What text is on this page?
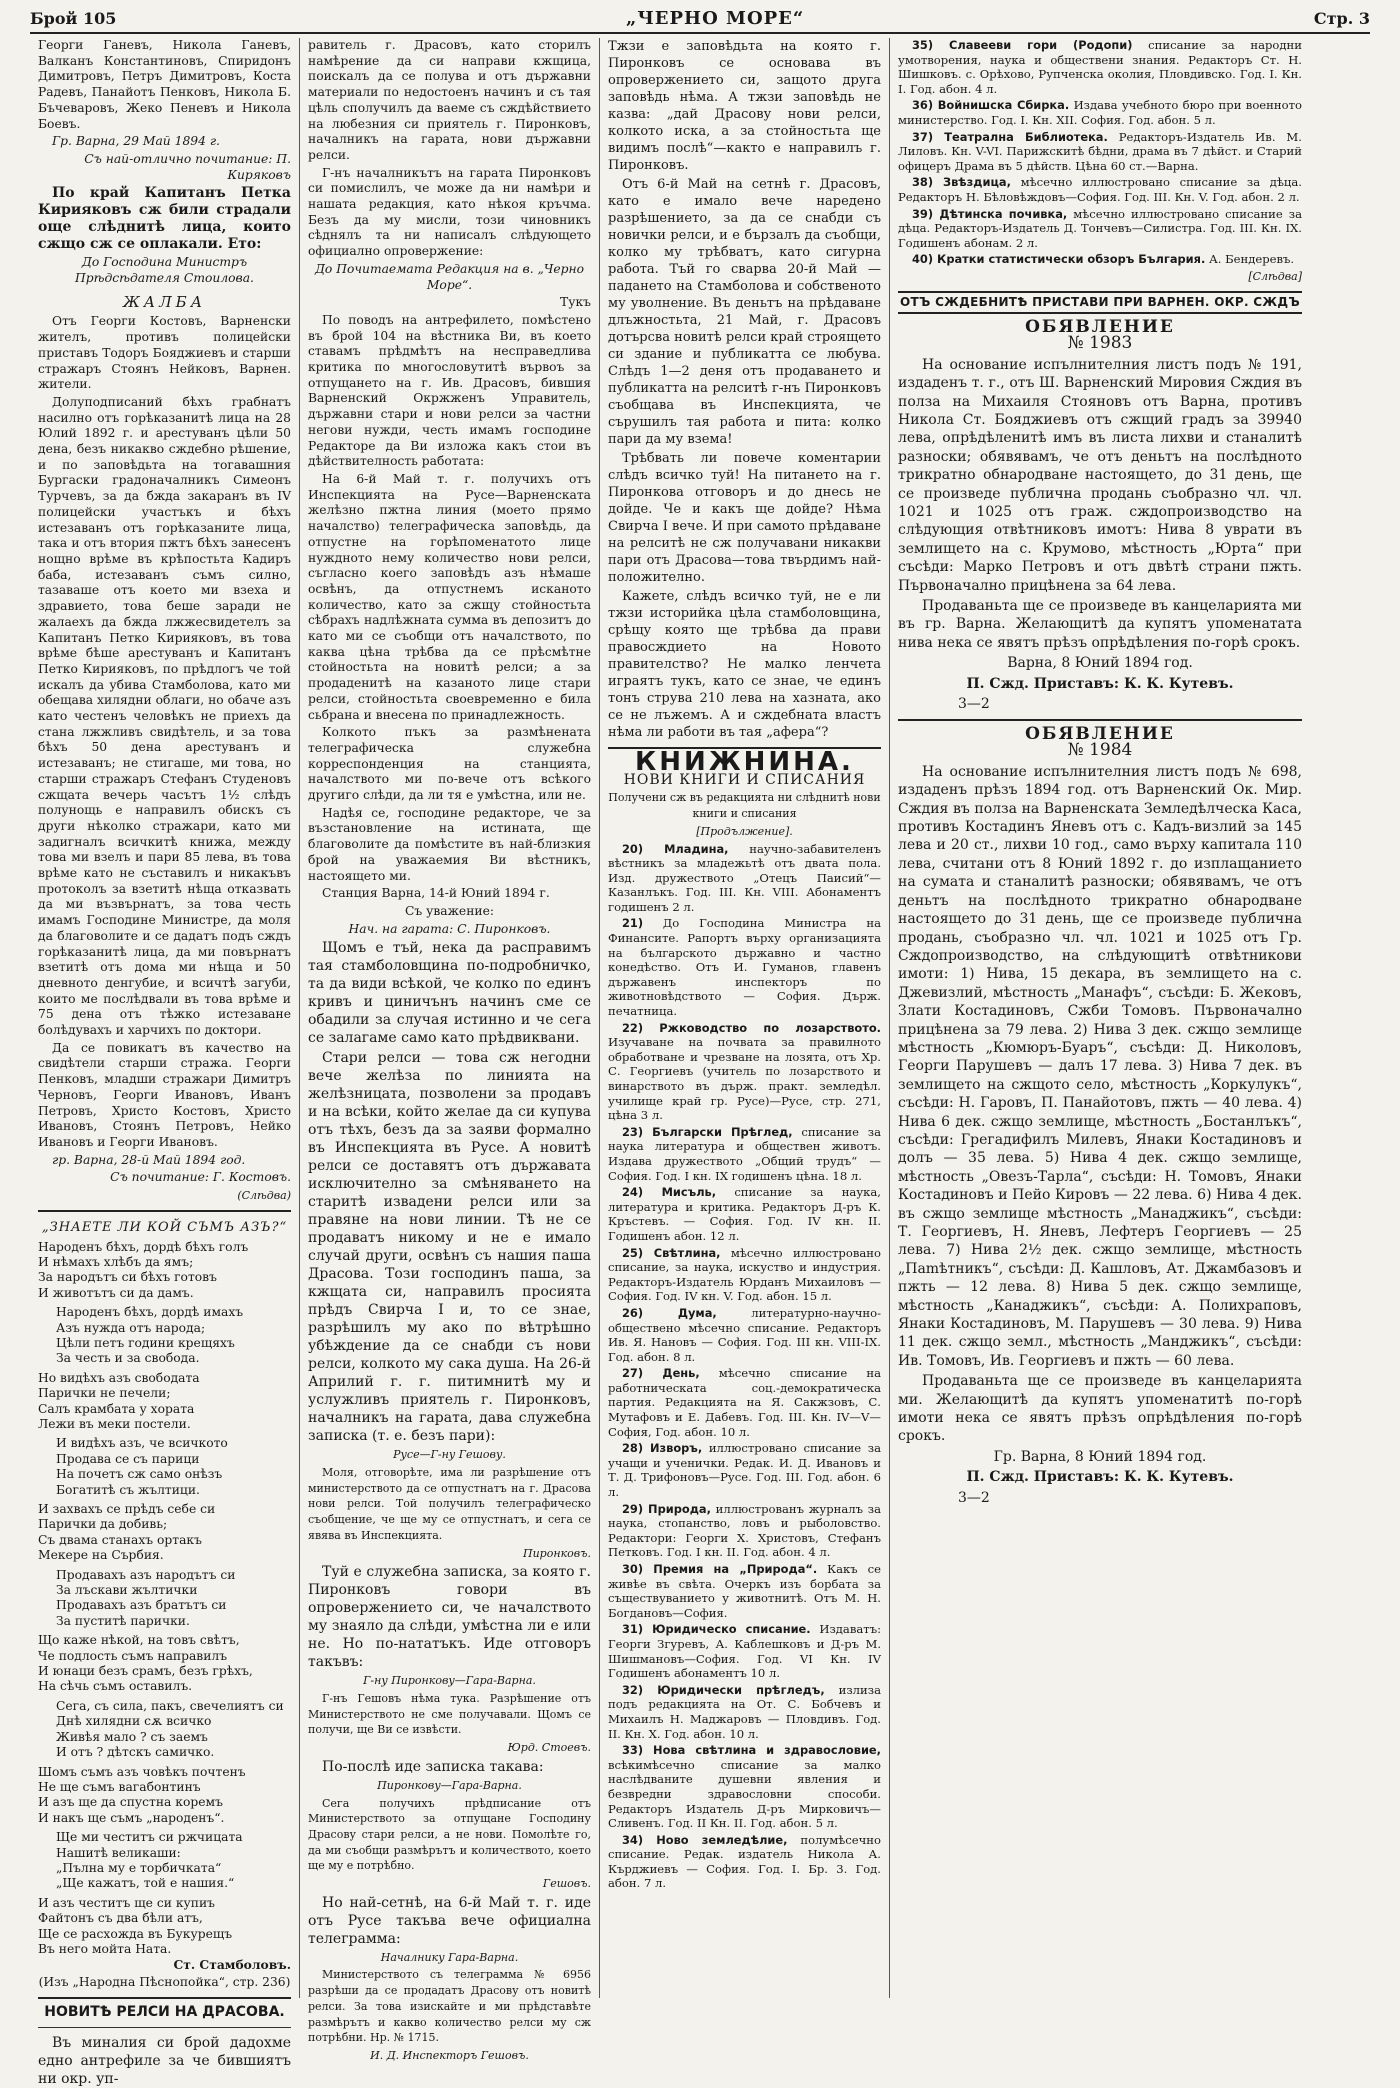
Брой 105	„ЧЕРНО МОРЕ“	Стр. 3

Георги Ганевъ, Никола Ганевъ, Валканъ Константиновъ, Спиридонъ Димитровъ, Петръ Димитровъ, Коста Радевъ, Панайотъ Пенковъ, Никола Б. Бъчеваровъ, Жеко Пеневъ и Никола Боевъ.

Гр. Варна, 29 Май 1894 г.

Съ най-отлично почитание: П. Киряковъ

По край Капитанъ Петка Кирияковъ сж били страдали още слѣднитѣ лица, които сжщо сж се оплакали. Ето:

До Господина Министръ Прѣдсѣдателя Стоилова.

ЖАЛБА

Отъ Георги Костовъ, Варненски жителъ, противъ полицейски приставъ Тодоръ Бояджиевъ и старши стражаръ Стоянъ Нейковъ, Варнен. жители.

Долуподписаний бѣхъ грабнатъ насилно отъ горѣказанитѣ лица на 28 Юлий 1892 г. и арестуванъ цѣли 50 дена, безъ никакво сждебно рѣшение, и по заповѣдьта на тогавашния Бургаски градоначалникъ Симеонъ Турчевъ, за да бжда закаранъ въ IV полицейски участъкъ и бѣхъ истезаванъ отъ горѣказаните лица, така и отъ втория пжтъ бѣхъ занесенъ нощно врѣме въ крѣпостьта Кадиръ баба, истезаванъ съмъ силно, тазаваше отъ което ми взеха и здравието, това беше заради не жалаехъ да бжда лжжесвидетелъ за Капитанъ Петко Кирияковъ, въ това врѣме бѣше арестуванъ и Капитанъ Петко Кирияковъ, по прѣдлогъ че той искалъ да убива Стамболова, като ми обещава хилядни облаги, но обаче азъ като честенъ человѣкъ не приехъ да стана лжжливъ свидѣтель, и за това бѣхъ 50 дена арестуванъ и истезаванъ; не стигаше, ми това, но старши стражаръ Стефанъ Студеновъ сжщата вечерь часътъ 1½ слѣдъ полунощь е направилъ обискъ съ други нѣколко стражари, като ми задигналъ всичкитѣ книжа, между това ми взелъ и пари 85 лева, въ това врѣме като не съставилъ и никакъвъ протоколъ за взетитѣ нѣща отказвать да ми възвърнатъ, за това честь имамъ Господине Министре, да моля да благоволите и се дадатъ подъ сждъ горѣказанитѣ лица, да ми повърнатъ взетитѣ отъ дома ми нѣща и 50 дневното денгубие, и всичтѣ загуби, които ме послѣдвали въ това врѣме и 75 дена отъ тѣжко истезаване болѣдувахъ и харчихъ по доктори.

Да се повикатъ въ качество на свидѣтели старши стража. Георги Пенковъ, младши стражари Димитръ Черновъ, Георги Ивановъ, Иванъ Петровъ, Христо Костовъ, Христо Ивановъ, Стоянъ Петровъ, Нейко Ивановъ и Георги Ивановъ.

гр. Варна, 28-й Май 1894 год.

Съ почитание: Г. Костовъ.

(Слѣдва)

„ЗНАЕТЕ ЛИ КОЙ СЪМЪ АЗЪ?“
Народенъ бѣхъ, дордѣ бѣхъ голъ
И нѣмахъ хлѣбъ да ямъ;
За народътъ си бѣхъ готовъ
И животътъ си да дамъ.

Народенъ бѣхъ, дордѣ имахъ
Азъ нужда отъ народа;
Цѣли петъ години крещяхъ
За честь и за свобода.

Но видѣхъ азъ свободата
Парички не печели;
Салъ крамбата у хората
Лежи въ меки постели.

И видѣхъ азъ, че всичкото
Продава се съ парици
На почетъ сж само онѣзъ
Богатитѣ съ жълтици.

И захвахъ се прѣдъ себе си
Парички да добивь;
Съ двама станахъ ортакъ
Мекере на Сърбия.

Продавахъ азъ народътъ си
За лъскави жълтички
Продавахъ азъ братътъ си
За пуститѣ парички.

Що каже нѣкой, на товъ свѣтъ,
Че подлость съмъ направилъ
И юнаци безъ срамъ, безъ грѣхъ,
На сѣчь съмъ оставилъ.

Сега, съ сила, пакъ, свечелиятъ си
Днѣ хилядни сѫ всичко
Живѣя мало ? съ заемъ
И отъ ? дѣтскъ самичко.

Шомъ съмъ азъ човѣкъ почтенъ
Не ще съмъ вагабонтинъ
И азъ ще да спустна коремъ
И накъ ще съмъ „народенъ“.

Ще ми честитъ си ржчицата
Нашитѣ великаши:
„Пълна му е торбичката“
„Ще кажатъ, той е нашия.“

И азъ честитъ ще си купиъ
Файтонъ съ два бѣли атъ,
Ще се расхожда въ Букурещъ
Въ него мойта Ната.

Ст. Стамболовъ.

(Изъ „Народна Пѣснопойка“, стр. 236)

НОВИТѢ РЕЛСИ НА ДРАСОВА.

Въ миналия си брой дадохме едно антрефиле за че бившиятъ ни окр. уп-

равитель г. Драсовъ, като сторилъ намѣрение да си направи кжщица, поискалъ да се полува и отъ държавни материали по недостоенъ начинъ и съ тая цѣль сполучилъ да ваеме съ сждѣйствието на любезния си приятель г. Пиронковъ, началникъ на гарата, нови държавни релси.

Г-нъ началникътъ на гарата Пиронковъ си помислилъ, че може да ни намѣри и нашата редакция, като нѣкоя кръчма. Безъ да му мисли, този чиновникъ сѣднялъ та ни написалъ слѣдующето официално опровержение:

До Почитаемата Редакция на в. „Черно Море“.

Тукъ

По поводъ на антрефилето, помѣстено въ брой 104 на вѣстника Ви, въ което ставамъ прѣдмѣтъ на несправедлива критика по многословутитѣ вървоъ за отпущането на г. Ив. Драсовъ, бившия Варненский Окржженъ Управитель, държавни стари и нови релси за частни негови нужди, честь имамъ господине Редакторе да Ви изложа какъ стои въ дѣйствителность работата:

На 6-й Май т. г. получихъ отъ Инспекцията на Русе—Варненската желѣзно пжтна линия (моето прямо началство) телеграфическа заповѣдь, да отпустне на горѣпоменатото лице нуждното нему количество нови релси, съгласно коего заповѣдъ азъ нѣмаше освѣнъ, да отпустнемъ исканото количество, като за сжщу стойностьта сѣбрахъ надлѣжната сумма въ депозитъ до като ми се съобщи отъ началството, по каква цѣна трѣбва да се прѣсмѣтне стойностьта на новитѣ релси; а за продаденитѣ на казаното лице стари релси, стойностьта своевременно е била сьбрана и внесена по принадлежность.

Колкото пъкъ за размѣнената телеграфическа служебна корреспонденция на станцията, началството ми по-вече отъ всѣкого другиго слѣди, да ли тя е умѣстна, или не.

Надѣя се, господине редакторе, че за възстановление на истината, ще благоволите да помѣстите въ най-близкия брой на уважаемия Ви вѣстникъ, настоящето ми.

Станция Варна, 14-й Юний 1894 г.

Съ уважение:

Нач. на гарата: С. Пиронковъ.

Щомъ е тъй, нека да расправимъ тая стамболовщина по-подробничко, та да види всѣкой, че колко по единъ кривъ и циничънъ начинъ сме се обадили за случая истинно и че сега се залагаме само като прѣдвиквани.

Стари релси — това сж негодни вече желѣза по линията на желѣзницата, позволени за продавъ и на всѣки, който желае да си купува отъ тѣхъ, безъ да за заяви формално въ Инспекцията въ Русе. А новитѣ релси се доставятъ отъ държавата исключително за смѣняването на старитѣ извадени релси или за правяне на нови линии. Тѣ не се продаватъ никому и не е имало случай други, освѣнъ съ нашия паша Драсова. Този господинъ паша, за кжщата си, направилъ просията прѣдъ Свирча I и, то се знае, разрѣшилъ му ако по вѣтрѣшно убѣждение да се снабди съ нови релси, колкото му сака душа. На 26-й Априлий г. г. питимнитѣ му и услужливъ приятель г. Пиронковъ, началникъ на гарата, дава служебна записка (т. е. безъ пари):

Русе—Г-ну Гешову.

Моля, отговорѣте, има ли разрѣшение отъ министерството да се отпустнатъ на г. Драсова нови релси. Той получилъ телеграфическо съобщение, че ще му се отпустнатъ, и сега се явява въ Инспекцията.

Пиронковъ.

Туй е служебна записка, за която г. Пиронковъ говори въ опровержението си, че началството му знаяло да слѣди, умѣстна ли е или не. Но по-нататъкъ. Иде отговоръ такъвъ:

Г-ну Пиронкову—Гара-Варна.

Г-нъ Гешовъ нѣма тука. Разрѣшение отъ Министерството не сме получавали. Щомъ се получи, ще Ви се извѣсти.

Юрд. Стоевъ.

По-послѣ иде записка такава:

Пиронкову—Гара-Варна.

Сега получихъ прѣдписание отъ Министерството за отпущане Господину Драсову стари релси, а не нови. Помолѣте го, да ми съобщи размѣрътъ и количеството, което ще му е потрѣбно.

Гешовъ.

Но най-сетнѣ, на 6-й Май т. г. иде отъ Русе такъва вече официална телеграмма:

Началнику Гара-Варна.

Министерството съ телеграмма № 6956 разрѣши да се продадатъ Драсову отъ новитѣ релси. За това изискайте и ми прѣдставѣте размѣрътъ и какво количество релси му сж потрѣбни. Нр. № 1715.

И. Д. Инспекторъ Гешовъ.

Тжзи е заповѣдьта на която г. Пиронковъ се основава въ опровержението си, защото друга заповѣдь нѣма. А тжзи заповѣдь не казва: „дай Драсову нови релси, колкото иска, а за стойностьта ще видимъ послѣ“—както е направилъ г. Пиронковъ.

Отъ 6-й Май на сетнѣ г. Драсовъ, като е имало вече наредено разрѣшението, за да се снабди съ новички релси, и е бързалъ да съобщи, колко му трѣбватъ, като сигурна работа. Тъй го сварва 20-й Май — падането на Стамболова и собственото му уволнение. Въ деньтъ на прѣдаване длъжностьта, 21 Май, г. Драсовъ дотърсва новитѣ релси край строящето си здание и публикатта се любува. Слѣдъ 1—2 деня отъ продаването и публикатта на релситѣ г-нъ Пиронковъ съобщава въ Инспекцията, че сърушилъ тая работа и пита: колко пари да му взема!

Трѣбвать ли повече коментарии слѣдъ всичко туй! На питането на г. Пиронкова отговоръ и до днесь не дойде. Че и какъ ще дойде? Нѣма Свирча I вече. И при самото прѣдаване на релситѣ не сж получавани никакви пари отъ Драсова—това твърдимъ най-положително.

Кажете, слѣдъ всичко туй, не е ли тжзи историйка цѣла стамболовщина, срѣщу която ще трѣбва да прави правосждието на Новото правителство? Не малко ленчета играятъ тукъ, като се знае, че единъ тонъ струва 210 лева на хазната, ако се не лъжемъ. А и сждебната властъ нѣма ли работи въ тая „афера“?

КНИЖНИНА.
НОВИ КНИГИ И СПИСАНИЯ

Получени сж въ редакцията ни слѣднитѣ нови книги и списания

[Продължение].

20) Младина, научно-забавителенъ вѣстникъ за младежьтѣ отъ двата пола. Изд. дружеството „Отецъ Паисий“—Казанлъкъ. Год. III. Кн. VIII. Абонаментъ годишенъ 2 л.

21) До Господина Министра на Финансите. Рапортъ върху организацията на българското държавно и частно конедѣство. Отъ И. Гуманов, главенъ държавенъ инспекторъ по животновѣдството — София. Държ. печатница.

22) Ржководство по лозарството. Изучаване на почвата за правилното обработване и чрезване на лозята, отъ Хр. С. Георгиевъ (учитель по лозарството и винарството въ държ. практ. земледѣл. училище край гр. Русе)—Русе, стр. 271, цѣна 3 л.

23) Български Прѣглед, списание за наука литература и обществен животъ. Издава дружеството „Общий трудъ“ — София. Год. I кн. IX годишенъ цѣна. 18 л.

24) Мисъль, списание за наука, литература и критика. Редакторъ Д-ръ К. Кръстевъ. — София. Год. IV кн. II. Годишенъ абон. 12 л.

25) Свѣтлина, мѣсечно иллюстровано списание, за наука, искуство и индустрия. Редакторъ-Издатель Юрданъ Михаиловъ — София. Год. IV кн. V. Год. абон. 15 л.

26) Дума, литературно-научно-обществено мѣсечно списание. Редакторъ Ив. Я. Нановъ — София. Год. III кн. VIII-IX. Год. абон. 8 л.

27) День, мѣсечно списание на работническата соц.-демократическа партия. Редакцията на Я. Сакжзовъ, С. Мутафовъ и Е. Дабевъ. Год. III. Кн. IV—V—София, Год. абон. 10 л.

28) Изворъ, иллюстровано списание за учащи и ученички. Редак. И. Д. Ивановъ и Т. Д. Трифоновъ—Русе. Год. III. Год. абон. 6 л.

29) Природа, иллюстрованъ журналъ за наука, стопанство, ловъ и рыболовство. Редактори: Георги Х. Христовъ, Стефанъ Петковъ. Год. I кн. II. Год. абон. 4 л.

30) Премия на „Природа“. Какъ се живѣе въ свѣта. Очеркъ изъ борбата за съществуванието у животнитѣ. Отъ М. Н. Богдановъ—София.

31) Юридическо списание. Издаватъ: Георги Згуревъ, А. Каблешковъ и Д-ръ М. Шишмановъ—София. Год. VI Кн. IV Годишенъ абонаментъ 10 л.

32) Юридически прѣгледъ, излиза подъ редакцията на От. С. Бобчевъ и Михаилъ Н. Маджаровъ — Пловдивъ. Год. II. Кн. Х. Год. абон. 10 л.

33) Нова свѣтлина и здравословие, всѣкимѣсечно списание за малко наслѣдваните душевни явления и безвредни здравословни способи. Редакторъ Издатель Д-ръ Мирковичъ—Сливенъ. Год. II Кн. II. Год. абон. 5 л.

34) Ново земледѣлие, полумѣсечно списание. Редак. издатель Никола А. Кърджиевъ — София. Год. I. Бр. 3. Год. абон. 7 л.

35) Славееви гори (Родопи) списание за народни умотворения, наука и обществени знания. Редакторъ Ст. Н. Шишковъ. с. Орѣхово, Рупченска околия, Пловдивско. Год. I. Кн. I. Год. абон. 4 л.

36) Войнишска Сбирка. Издава учебното бюро при военното министерство. Год. I. Кн. XII. София. Год. абон. 5 л.

37) Театрална Библиотека. Редакторъ-Издатель Ив. М. Лиловъ. Кн. V-VI. Парижскитѣ бѣдни, драма въ 7 дѣйст. и Старий офицеръ Драма въ 5 дѣйств. Цѣна 60 ст.—Варна.

38) Звѣздица, мѣсечно иллюстровано списание за дѣца. Редакторъ Н. Бѣловѣждовъ—София. Год. III. Кн. V. Год. абон. 2 л.

39) Дѣтинска почивка, мѣсечно иллюстровано списание за дѣца. Редакторъ-Издатель Д. Тончевъ—Силистра. Год. III. Кн. IX. Годишенъ абонам. 2 л.

40) Кратки статистически обзоръ България. А. Бендеревъ.

[Слѣдва]

ОТЪ СЖДЕБНИТѢ ПРИСТАВИ ПРИ ВАРНЕН. ОКР. СЖДЪ
ОБЯВЛЕНИЕ
№ 1983

На основание испълнителния листъ подъ № 191, издаденъ т. г., отъ Ш. Варненский Мировия Сждия въ полза на Михаиля Стояновъ отъ Варна, противъ Никола Ст. Бояджиевъ отъ сжщий градъ за 39940 лева, опрѣдѣленитѣ имъ въ листа лихви и станалитѣ разноски; обявявамъ, че отъ деньтъ на послѣдното трикратно обнародване настоящето, до 31 день, ще се произведе публична продань съобразно чл. чл. 1021 и 1025 отъ граж. сждопроизводство на слѣдующия отвѣтниковъ имотъ: Нива 8 уврати въ землището на с. Крумово, мѣстность „Юрта“ при съсѣди: Марко Петровъ и отъ двѣтѣ страни пжть. Първоначално прицѣнена за 64 лева.

Продаваньта ще се произведе въ канцеларията ми въ гр. Варна. Желающитѣ да купятъ упоменатата нива нека се явятъ прѣзъ опрѣдѣления по-горѣ срокъ.

Варна, 8 Юний 1894 год.

П. Сжд. Приставъ: К. К. Кутевъ.

3—2

ОБЯВЛЕНИЕ
№ 1984

На основание испълнителния листъ подъ № 698, издаденъ прѣзъ 1894 год. отъ Варненский Ок. Мир. Сждия въ полза на Варненската Земледѣлческа Каса, противъ Костадинъ Яневъ отъ с. Кадъ-визлий за 145 лева и 20 ст., лихви 10 год., само върху капитала 110 лева, считани отъ 8 Юний 1892 г. до изплащанието на сумата и станалитѣ разноски; обявявамъ, че отъ деньтъ на послѣдното трикратно обнародване настоящето до 31 день, ще се произведе публична продань, съобразно чл. чл. 1021 и 1025 отъ Гр. Сждопроизводство, на слѣдующитѣ отвѣтникови имоти: 1) Нива, 15 декара, въ землището на с. Джевизлий, мѣстность „Манафъ“, съсѣди: Б. Жековъ, Злати Костадиновъ, Сжби Томовъ. Първоначално прицѣнена за 79 лева. 2) Нива 3 дек. сжщо землище мѣстность „Кюмюръ-Буаръ“, съсѣди: Д. Николовъ, Георги Парушевъ — далъ 17 лева. 3) Нива 7 дек. въ землището на сжщото село, мѣстность „Коркулукъ“, съсѣди: Н. Гаровъ, П. Панайотовъ, пжть — 40 лева. 4) Нива 6 дек. сжщо землище, мѣстность „Бостанлъкъ“, съсѣди: Грегадифилъ Милевъ, Янаки Костадиновъ и долъ — 35 лева. 5) Нива 4 дек. сжщо землище, мѣстность „Овезъ-Тарла“, съсѣди: Н. Томовъ, Янаки Костадиновъ и Пейо Кировъ — 22 лева. 6) Нива 4 дек. въ сжщо землище мѣстность „Манаджикъ“, съсѣди: Т. Георгиевъ, Н. Яневъ, Лефтеръ Георгиевъ — 25 лева. 7) Нива 2½ дек. сжщо землище, мѣстность „Пamѣтникъ“, съсѣди: Д. Кашловъ, Ат. Джамбазовъ и пжть — 12 лева. 8) Нива 5 дек. сжщо землище, мѣстность „Канаджикъ“, съсѣди: А. Полихраповъ, Янаки Костадиновъ, М. Парушевъ — 30 лева. 9) Нива 11 дек. сжщо земл., мѣстность „Манджикъ“, съсѣди: Ив. Томовъ, Ив. Георгиевъ и пжть — 60 лева.

Продаваньта ще се произведе въ канцеларията ми. Желающитѣ да купятъ упоменатитѣ по-горѣ имоти нека се явятъ прѣзъ опрѣдѣления по-горѣ срокъ.

Гр. Варна, 8 Юний 1894 год.

П. Сжд. Приставъ: К. К. Кутевъ.

3—2
